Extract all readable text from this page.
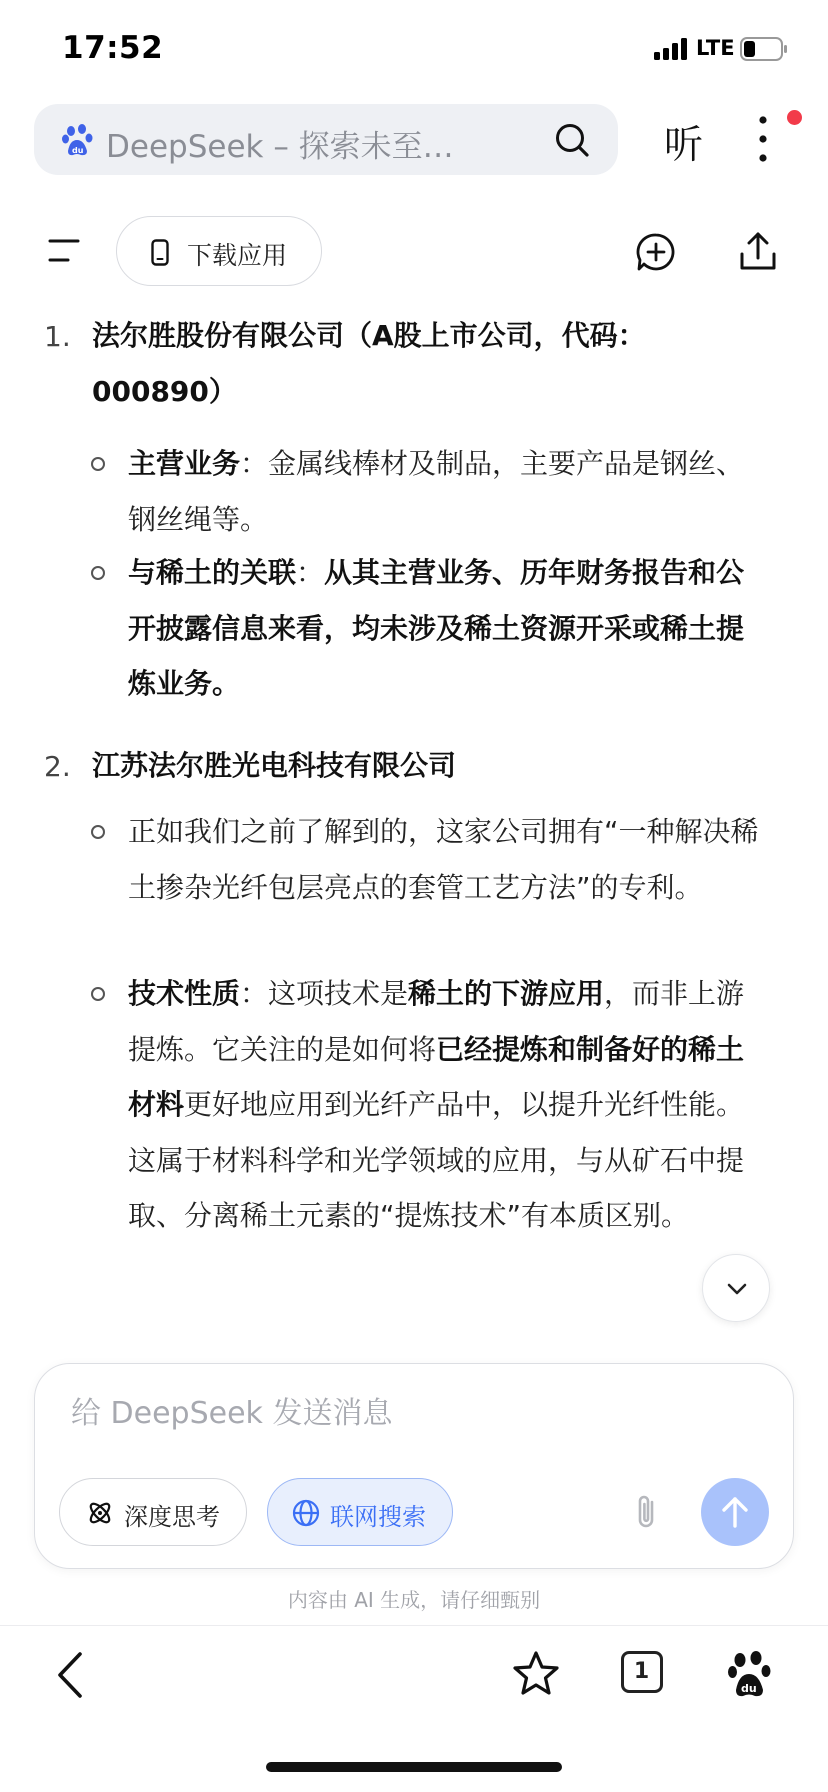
17:52	LTE
du DeepSeek – 探索未至…	听
下载应用
1. 法尔胜股份有限公司（A股上市公司，代码：000890）
主营业务：金属线棒材及制品，主要产品是钢丝、钢丝绳等。
与稀土的关联：从其主营业务、历年财务报告和公开披露信息来看，均未涉及稀土资源开采或稀土提炼业务。
2. 江苏法尔胜光电科技有限公司
正如我们之前了解到的，这家公司拥有“一种解决稀土掺杂光纤包层亮点的套管工艺方法”的专利。
技术性质：这项技术是稀土的下游应用，而非上游提炼。它关注的是如何将已经提炼和制备好的稀土材料更好地应用到光纤产品中，以提升光纤性能。这属于材料科学和光学领域的应用，与从矿石中提取、分离稀土元素的“提炼技术”有本质区别。
给 DeepSeek 发送消息
深度思考	联网搜索
内容由 AI 生成，请仔细甄别
1
du
